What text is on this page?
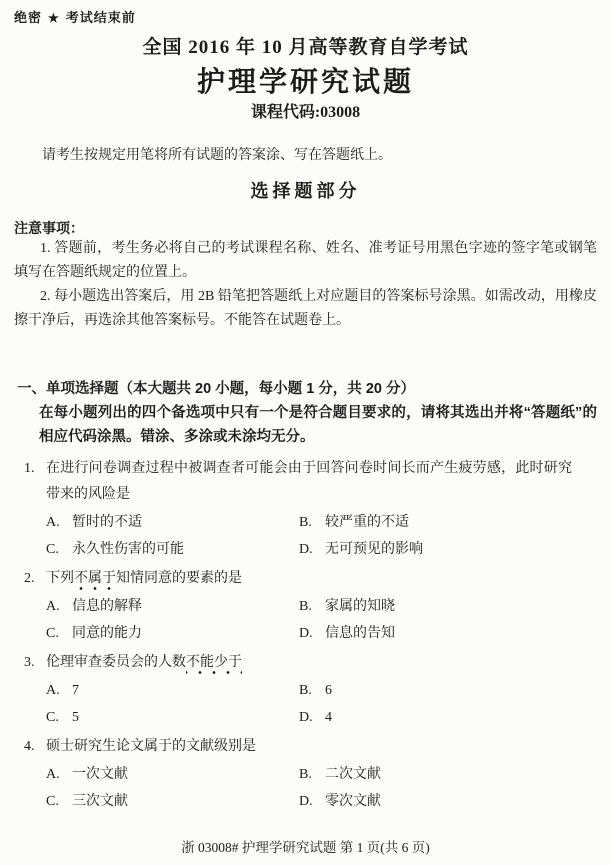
绝密 ★ 考试结束前
全国 2016 年 10 月高等教育自学考试
护理学研究试题
课程代码:03008

请考生按规定用笔将所有试题的答案涂、写在答题纸上。

选择题部分
注意事项：

1. 答题前，考生务必将自己的考试课程名称、姓名、准考证号用黑色字迹的签字笔或钢笔填写在答题纸规定的位置上。

2. 每小题选出答案后，用 2B 铅笔把答题纸上对应题目的答案标号涂黑。如需改动，用橡皮擦干净后，再选涂其他答案标号。不能答在试题卷上。

一、单项选择题（本大题共 20 小题，每小题 1 分，共 20 分）

在每小题列出的四个备选项中只有一个是符合题目要求的，请将其选出并将“答题纸”的相应代码涂黑。错涂、多涂或未涂均无分。

1. 在进行问卷调查过程中被调查者可能会由于回答问卷时间长而产生疲劳感，此时研究带来的风险是
A. 暂时的不适	B. 较严重的不适
C. 永久性伤害的可能	D. 无可预见的影响
2. 下列不属于知情同意的要素的是
A. 信息的解释	B. 家属的知晓
C. 同意的能力	D. 信息的告知
3. 伦理审查委员会的人数不能少于
A. 7	B. 6
C. 5	D. 4
4. 硕士研究生论文属于的文献级别是
A. 一次文献	B. 二次文献
C. 三次文献	D. 零次文献
浙 03008# 护理学研究试题 第 1 页(共 6 页)
